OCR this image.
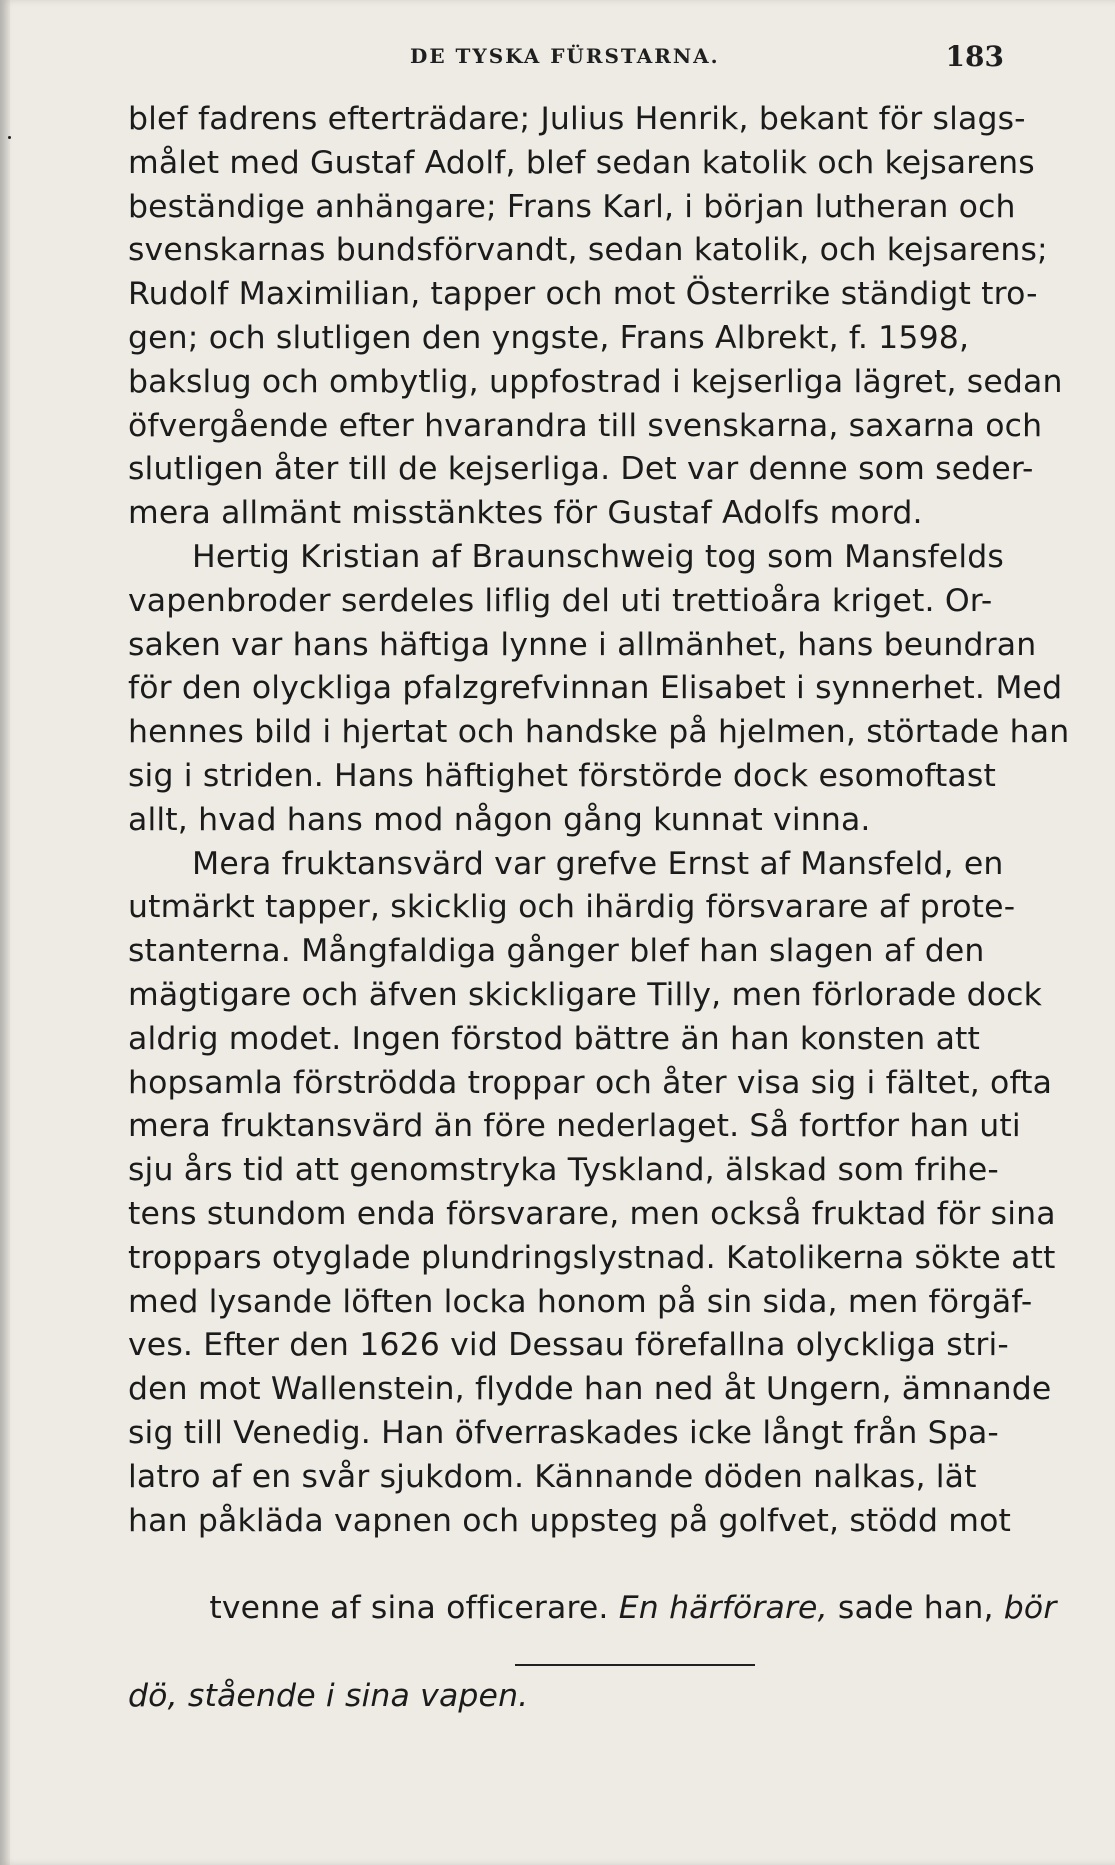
DE TYSKA FÜRSTARNA.	183
blef fadrens efterträdare; Julius Henrik, bekant för slags-
målet med Gustaf Adolf, blef sedan katolik och kejsarens
beständige anhängare; Frans Karl, i början lutheran och
svenskarnas bundsförvandt, sedan katolik, och kejsarens;
Rudolf Maximilian, tapper och mot Österrike ständigt tro-
gen; och slutligen den yngste, Frans Albrekt, f. 1598,
bakslug och ombytlig, uppfostrad i kejserliga lägret, sedan
öfvergående efter hvarandra till svenskarna, saxarna och
slutligen åter till de kejserliga. Det var denne som seder-
mera allmänt misstänktes för Gustaf Adolfs mord.
Hertig Kristian af Braunschweig tog som Mansfelds
vapenbroder serdeles liflig del uti trettioåra kriget. Or-
saken var hans häftiga lynne i allmänhet, hans beundran
för den olyckliga pfalzgrefvinnan Elisabet i synnerhet. Med
hennes bild i hjertat och handske på hjelmen, störtade han
sig i striden. Hans häftighet förstörde dock esomoftast
allt, hvad hans mod någon gång kunnat vinna.
Mera fruktansvärd var grefve Ernst af Mansfeld, en
utmärkt tapper, skicklig och ihärdig försvarare af prote-
stanterna. Mångfaldiga gånger blef han slagen af den
mägtigare och äfven skickligare Tilly, men förlorade dock
aldrig modet. Ingen förstod bättre än han konsten att
hopsamla förströdda troppar och åter visa sig i fältet, ofta
mera fruktansvärd än före nederlaget. Så fortfor han uti
sju års tid att genomstryka Tyskland, älskad som frihe-
tens stundom enda försvarare, men också fruktad för sina
troppars otyglade plundringslystnad. Katolikerna sökte att
med lysande löften locka honom på sin sida, men förgäf-
ves. Efter den 1626 vid Dessau förefallna olyckliga stri-
den mot Wallenstein, flydde han ned åt Ungern, ämnande
sig till Venedig. Han öfverraskades icke långt från Spa-
latro af en svår sjukdom. Kännande döden nalkas, lät
han påkläda vapnen och uppsteg på golfvet, stödd mot

tvenne af sina officerare. En härförare, sade han, bör

dö, stående i sina vapen.
